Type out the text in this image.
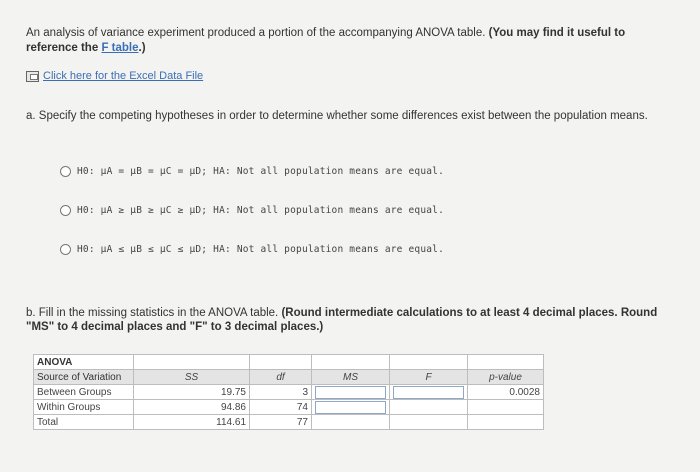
An analysis of variance experiment produced a portion of the accompanying ANOVA table. (You may find it useful to reference the F table.)
Click here for the Excel Data File
a. Specify the competing hypotheses in order to determine whether some differences exist between the population means.
H0: μA = μB = μC = μD; HA: Not all population means are equal.
H0: μA ≥ μB ≥ μC ≥ μD; HA: Not all population means are equal.
H0: μA ≤ μB ≤ μC ≤ μD; HA: Not all population means are equal.
b. Fill in the missing statistics in the ANOVA table. (Round intermediate calculations to at least 4 decimal places. Round "MS" to 4 decimal places and "F" to 3 decimal places.)
ANOVA					
Source of Variation	SS	df	MS	F	p-value
Between Groups	19.75	3			0.0028
Within Groups	94.86	74	

Total	114.61	77			
